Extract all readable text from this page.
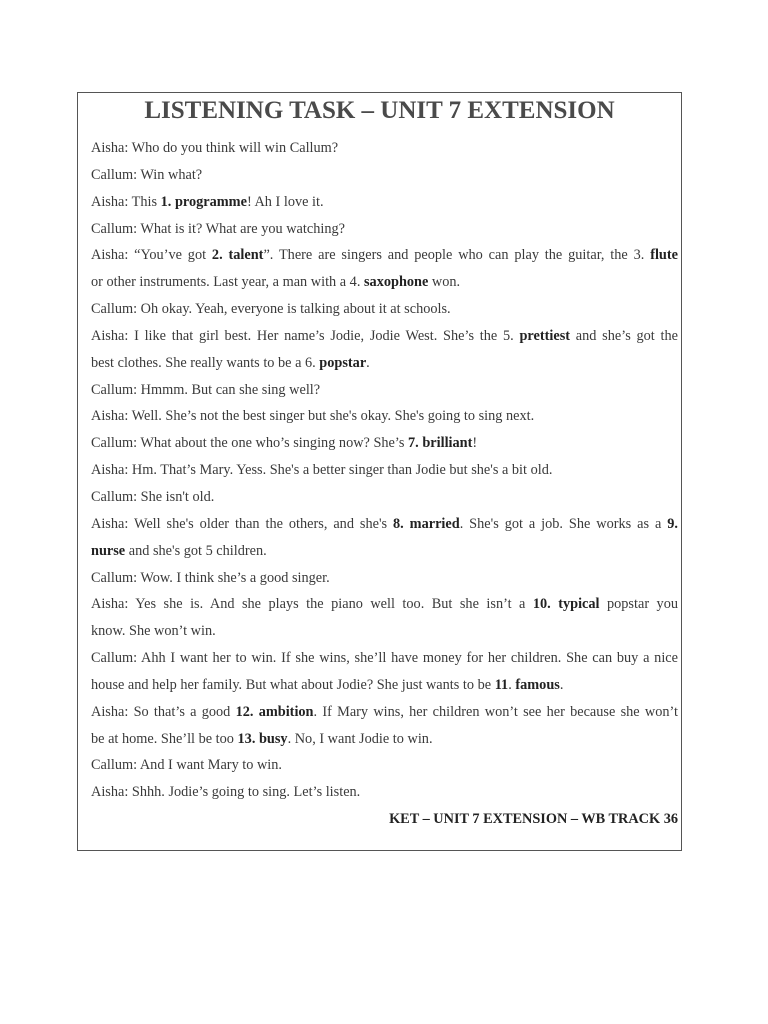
LISTENING TASK – UNIT 7 EXTENSION
Aisha: Who do you think will win Callum?
Callum: Win what?
Aisha: This 1. programme! Ah I love it.
Callum: What is it? What are you watching?
Aisha: “You’ve got 2. talent”. There are singers and people who can play the guitar, the 3. flute
or other instruments. Last year, a man with a 4. saxophone won.
Callum: Oh okay. Yeah, everyone is talking about it at schools.
Aisha: I like that girl best. Her name’s Jodie, Jodie West. She’s the 5. prettiest and she’s got the
best clothes. She really wants to be a 6. popstar.
Callum: Hmmm. But can she sing well?
Aisha: Well. She’s not the best singer but she's okay. She's going to sing next.
Callum: What about the one who’s singing now? She’s 7. brilliant!
Aisha: Hm. That’s Mary. Yess. She's a better singer than Jodie but she's a bit old.
Callum: She isn't old.
Aisha: Well she's older than the others, and she's 8. married. She's got a job. She works as a 9.
nurse and she's got 5 children.
Callum: Wow. I think she’s a good singer.
Aisha: Yes she is. And she plays the piano well too. But she isn’t a 10. typical popstar you
know. She won’t win.
Callum: Ahh I want her to win. If she wins, she’ll have money for her children. She can buy a nice
house and help her family. But what about Jodie? She just wants to be 11. famous.
Aisha: So that’s a good 12. ambition. If Mary wins, her children won’t see her because she won’t
be at home. She’ll be too 13. busy. No, I want Jodie to win.
Callum: And I want Mary to win.
Aisha: Shhh. Jodie’s going to sing. Let’s listen.
KET – UNIT 7 EXTENSION – WB TRACK 36
